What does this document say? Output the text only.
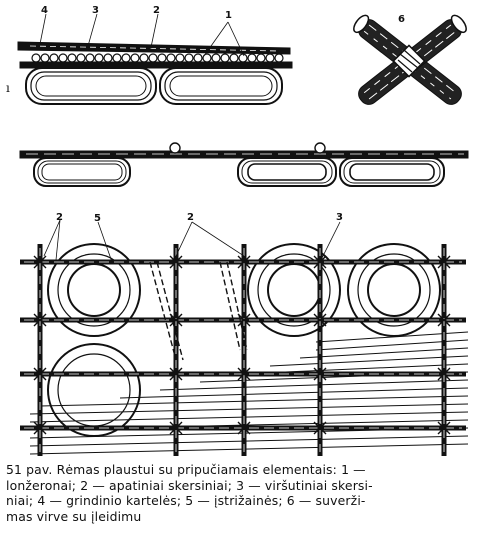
ı
4	3	2	1	6
2	5	2	3
51 pav. Rėmas plaustui su pripučiamais elementais: 1 —
lonžeronai; 2 — apatiniai skersiniai; 3 — viršutiniai skersi-
niai; 4 — grindinio kartelės; 5 — įstrižainės; 6 — suverži-
mas virve su įleidimu
